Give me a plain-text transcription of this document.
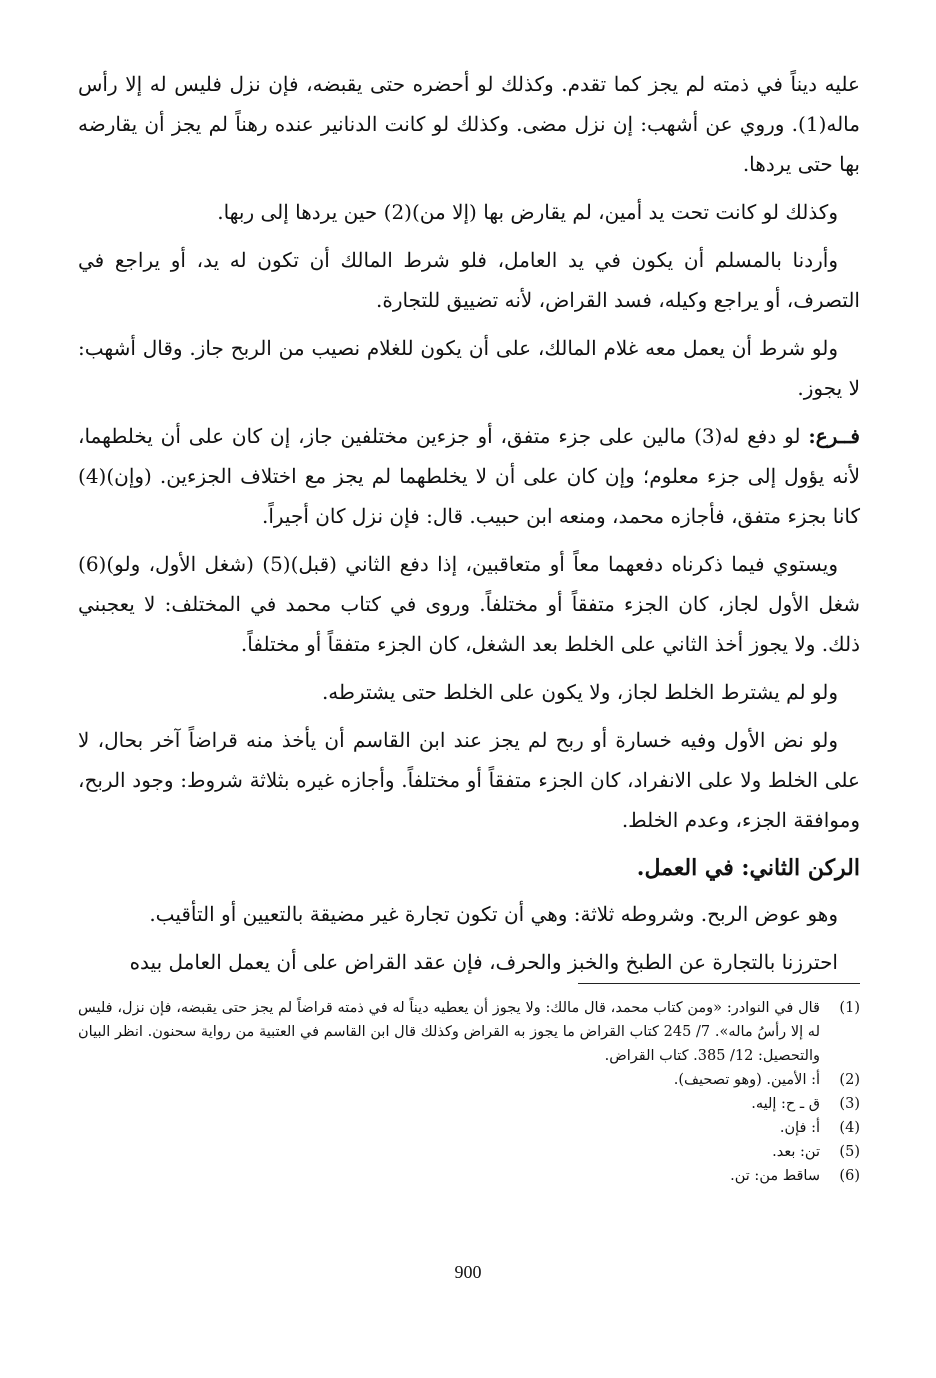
عليه ديناً في ذمته لم يجز كما تقدم. وكذلك لو أحضره حتى يقبضه، فإن نزل فليس له إلا رأس ماله(1). وروي عن أشهب: إن نزل مضى. وكذلك لو كانت الدنانير عنده رهناً لم يجز أن يقارضه بها حتى يردها.

وكذلك لو كانت تحت يد أمين، لم يقارض بها (إلا من)(2) حين يردها إلى ربها.

وأردنا بالمسلم أن يكون في يد العامل، فلو شرط المالك أن تكون له يد، أو يراجع في التصرف، أو يراجع وكيله، فسد القراض، لأنه تضييق للتجارة.

ولو شرط أن يعمل معه غلام المالك، على أن يكون للغلام نصيب من الربح جاز. وقال أشهب: لا يجوز.

فــرع: لو دفع له(3) مالين على جزء متفق، أو جزءين مختلفين جاز، إن كان على أن يخلطهما، لأنه يؤول إلى جزء معلوم؛ وإن كان على أن لا يخلطهما لم يجز مع اختلاف الجزءين. (وإن)(4) كانا بجزء متفق، فأجازه محمد، ومنعه ابن حبيب. قال: فإن نزل كان أجيراً.

ويستوي فيما ذكرناه دفعهما معاً أو متعاقبين، إذا دفع الثاني (قبل)(5) (شغل الأول، ولو)(6) شغل الأول لجاز، كان الجزء متفقاً أو مختلفاً. وروى في كتاب محمد في المختلف: لا يعجبني ذلك. ولا يجوز أخذ الثاني على الخلط بعد الشغل، كان الجزء متفقاً أو مختلفاً.

ولو لم يشترط الخلط لجاز، ولا يكون على الخلط حتى يشترطه.

ولو نض الأول وفيه خسارة أو ربح لم يجز عند ابن القاسم أن يأخذ منه قراضاً آخر بحال، لا على الخلط ولا على الانفراد، كان الجزء متفقاً أو مختلفاً. وأجازه غيره بثلاثة شروط: وجود الربح، وموافقة الجزء، وعدم الخلط.

الركن الثاني: في العمل.

وهو عوض الربح. وشروطه ثلاثة: وهي أن تكون تجارة غير مضيقة بالتعيين أو التأقيب.

احترزنا بالتجارة عن الطبخ والخبز والحرف، فإن عقد القراض على أن يعمل العامل بيده

(1)
قال في النوادر: «ومن كتاب محمد، قال مالك: ولا يجوز أن يعطيه ديناً له في ذمته قراضاً لم يجز حتى يقبضه، فإن نزل، فليس له إلا رأسُ ماله». 7/ 245 كتاب القراض ما يجوز به القراض وكذلك قال ابن القاسم في العتبية من رواية سحنون. انظر البيان والتحصيل: 12/ 385. كتاب القراض.
(2)
أ: الأمين. (وهو تصحيف).
(3)
ق ـ ح: إليه.
(4)
أ: فإن.
(5)
تن: بعد.
(6)
ساقط من: تن.
900
